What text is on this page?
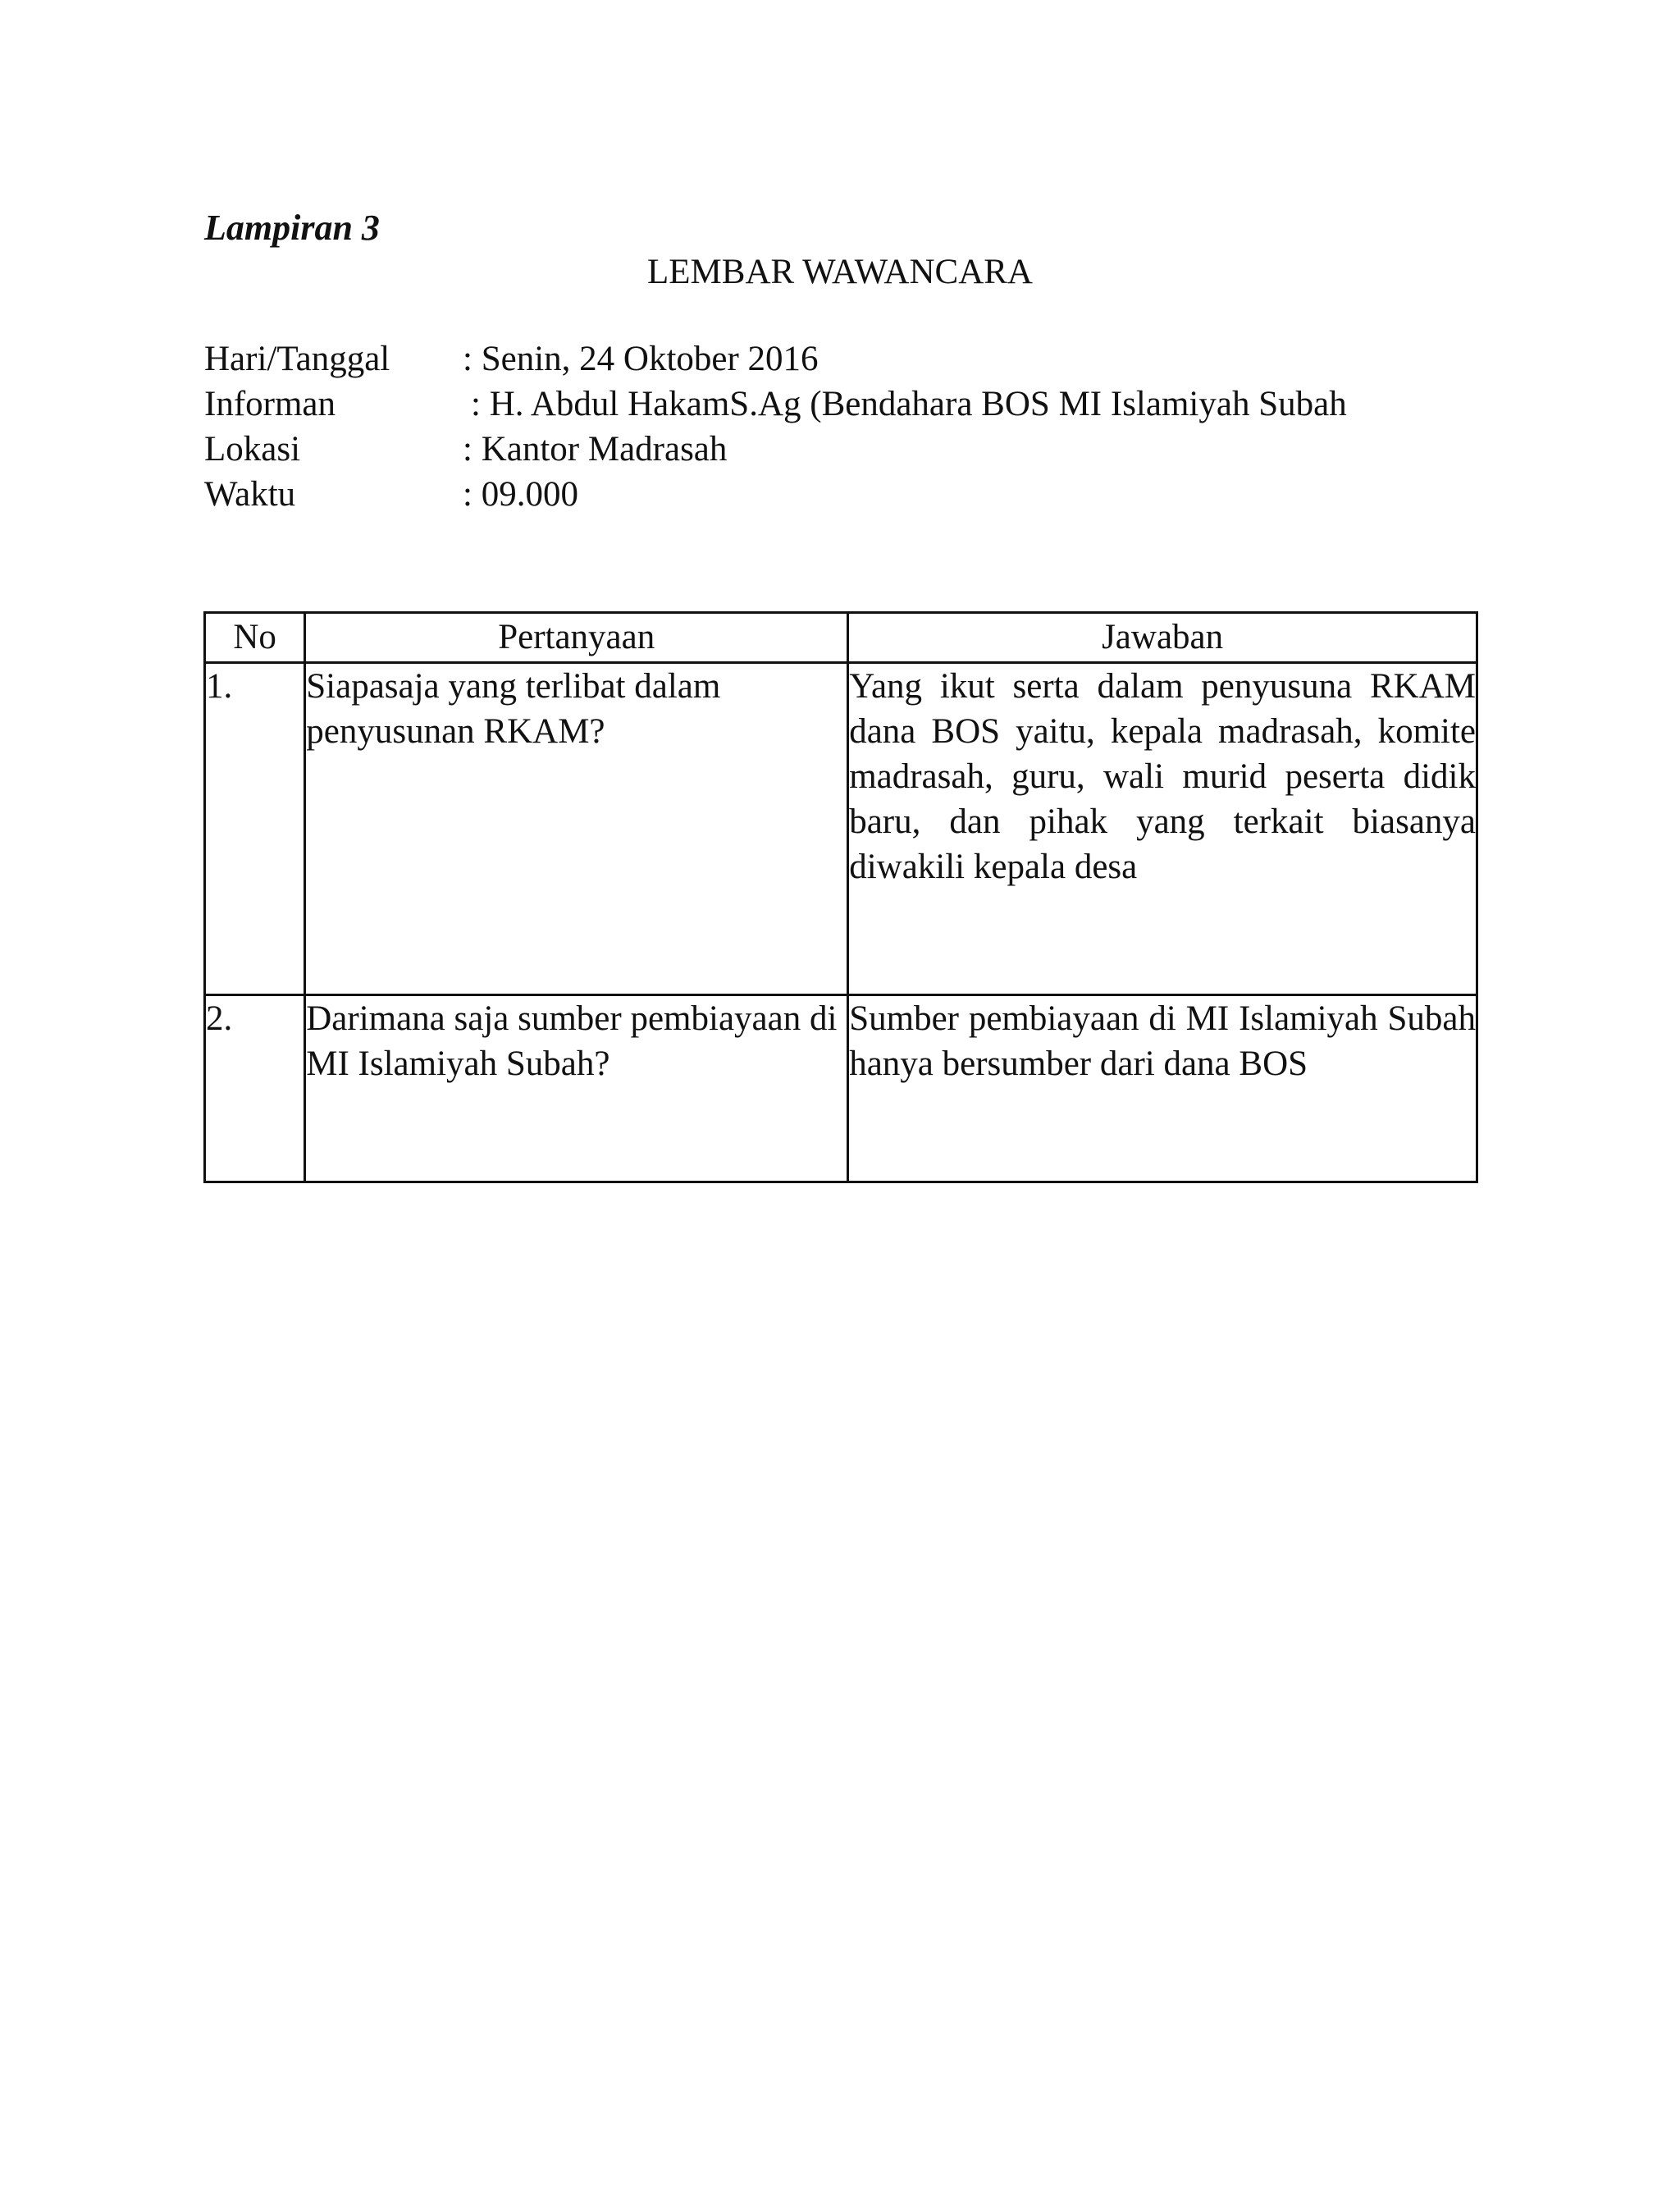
Lampiran 3

LEMBAR WAWANCARA
Hari/Tanggal	: Senin, 24 Oktober 2016
Informan	: H. Abdul HakamS.Ag (Bendahara BOS MI Islamiyah Subah
Lokasi	: Kantor Madrasah
Waktu	: 09.000
No	Pertanyaan	Jawaban
1.	Siapasaja yang terlibat dalam penyusunan RKAM?	Yang ikut serta dalam penyusuna RKAM dana BOS yaitu, kepala madrasah, komite madrasah, guru, wali murid peserta didik baru, dan pihak yang terkait biasanya diwakili kepala desa
2.	Darimana saja sumber pembiayaan di MI Islamiyah Subah?	Sumber pembiayaan di MI Islamiyah Subah hanya bersumber dari dana BOS
